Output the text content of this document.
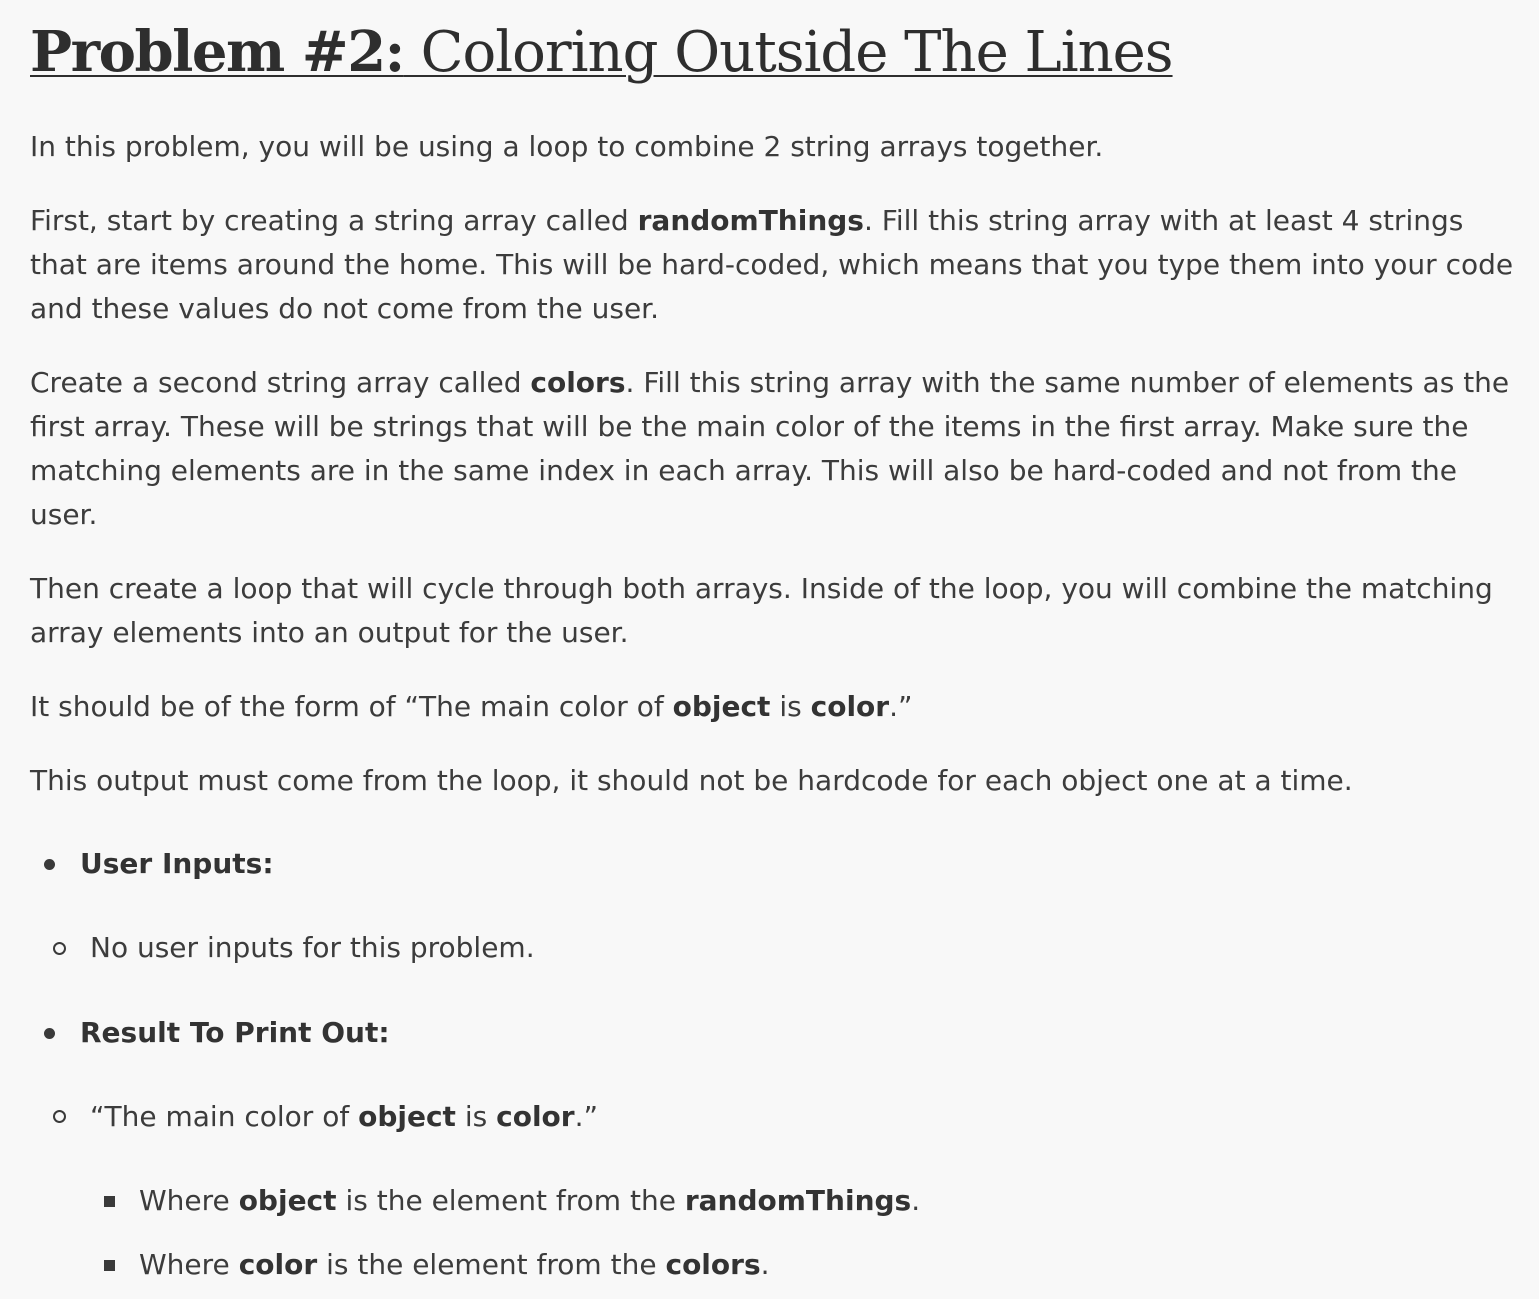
Problem #2: Coloring Outside The Lines

In this problem, you will be using a loop to combine 2 string arrays together.

First, start by creating a string array called randomThings. Fill this string array with at least 4 strings that are items around the home. This will be hard-coded, which means that you type them into your code and these values do not come from the user.

Create a second string array called colors. Fill this string array with the same number of elements as the first array. These will be strings that will be the main color of the items in the first array. Make sure the matching elements are in the same index in each array. This will also be hard-coded and not from the user.

Then create a loop that will cycle through both arrays. Inside of the loop, you will combine the matching array elements into an output for the user.

It should be of the form of “The main color of object is color.”

This output must come from the loop, it should not be hardcode for each object one at a time.

User Inputs:

No user inputs for this problem.

Result To Print Out:

“The main color of object is color.”

Where object is the element from the randomThings.

Where color is the element from the colors.
